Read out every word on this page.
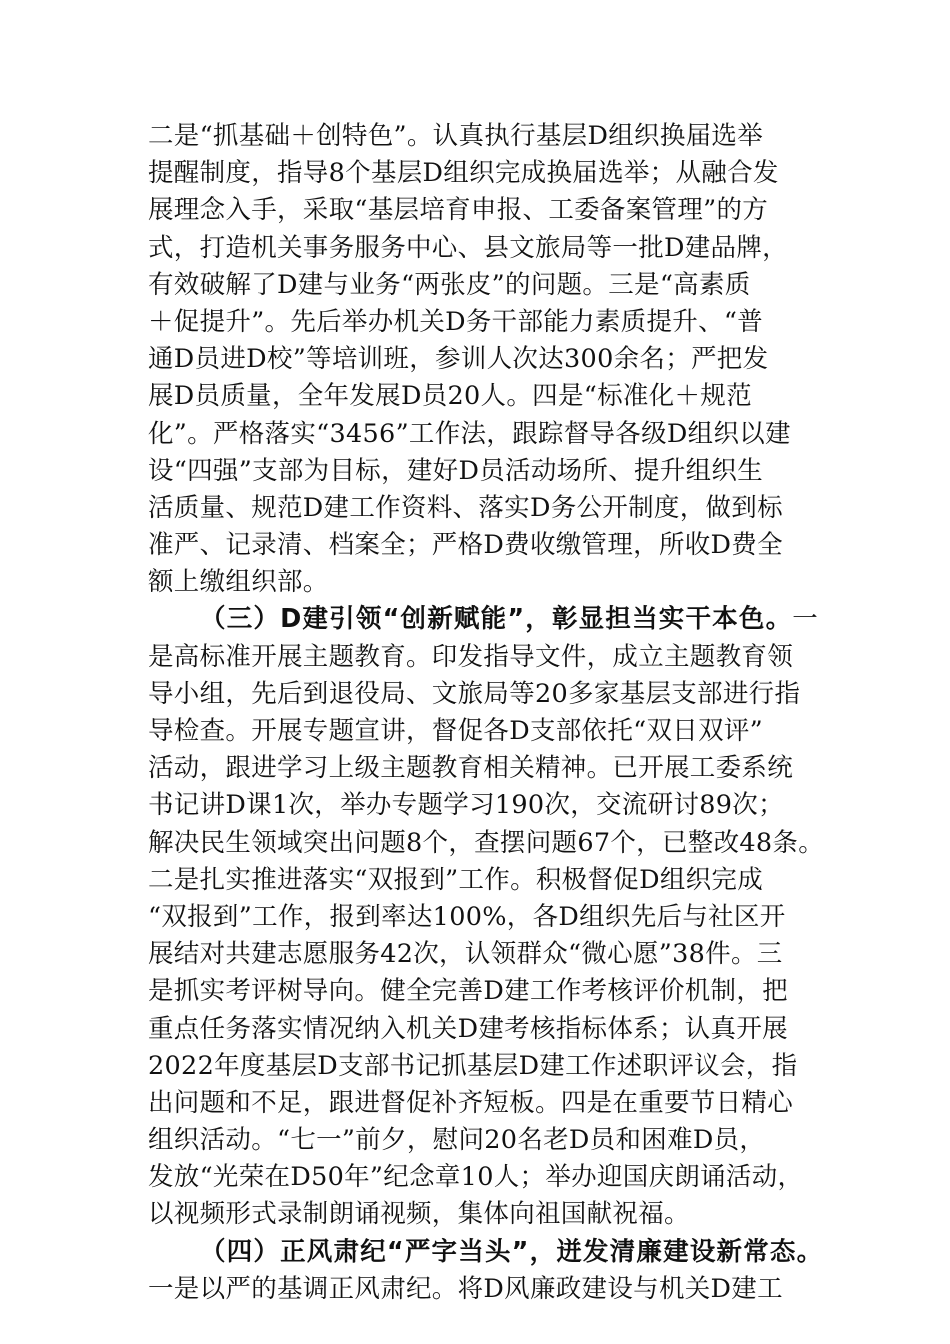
二是“抓基础＋创特色”。认真执行基层D组织换届选举
提醒制度，指导8个基层D组织完成换届选举；从融合发
展理念入手，采取“基层培育申报、工委备案管理”的方
式，打造机关事务服务中心、县文旅局等一批D建品牌，
有效破解了D建与业务“两张皮”的问题。三是“高素质
＋促提升”。先后举办机关D务干部能力素质提升、“普
通D员进D校”等培训班，参训人次达300余名；严把发
展D员质量，全年发展D员20人。四是“标准化＋规范
化”。严格落实“3456”工作法，跟踪督导各级D组织以建
设“四强”支部为目标，建好D员活动场所、提升组织生
活质量、规范D建工作资料、落实D务公开制度，做到标
准严、记录清、档案全；严格D费收缴管理，所收D费全
额上缴组织部。
（三）D建引领“创新赋能”，彰显担当实干本色。一
是高标准开展主题教育。印发指导文件，成立主题教育领
导小组，先后到退役局、文旅局等20多家基层支部进行指
导检查。开展专题宣讲，督促各D支部依托“双日双评”
活动，跟进学习上级主题教育相关精神。已开展工委系统
书记讲D课1次，举办专题学习190次，交流研讨89次；
解决民生领域突出问题8个，查摆问题67个，已整改48条。
二是扎实推进落实“双报到”工作。积极督促D组织完成
“双报到”工作，报到率达100%，各D组织先后与社区开
展结对共建志愿服务42次，认领群众“微心愿”38件。三
是抓实考评树导向。健全完善D建工作考核评价机制，把
重点任务落实情况纳入机关D建考核指标体系；认真开展
2022年度基层D支部书记抓基层D建工作述职评议会，指
出问题和不足，跟进督促补齐短板。四是在重要节日精心
组织活动。“七一”前夕，慰问20名老D员和困难D员，
发放“光荣在D50年”纪念章10人；举办迎国庆朗诵活动，
以视频形式录制朗诵视频，集体向祖国献祝福。
（四）正风肃纪“严字当头”，迸发清廉建设新常态。
一是以严的基调正风肃纪。将D风廉政建设与机关D建工
